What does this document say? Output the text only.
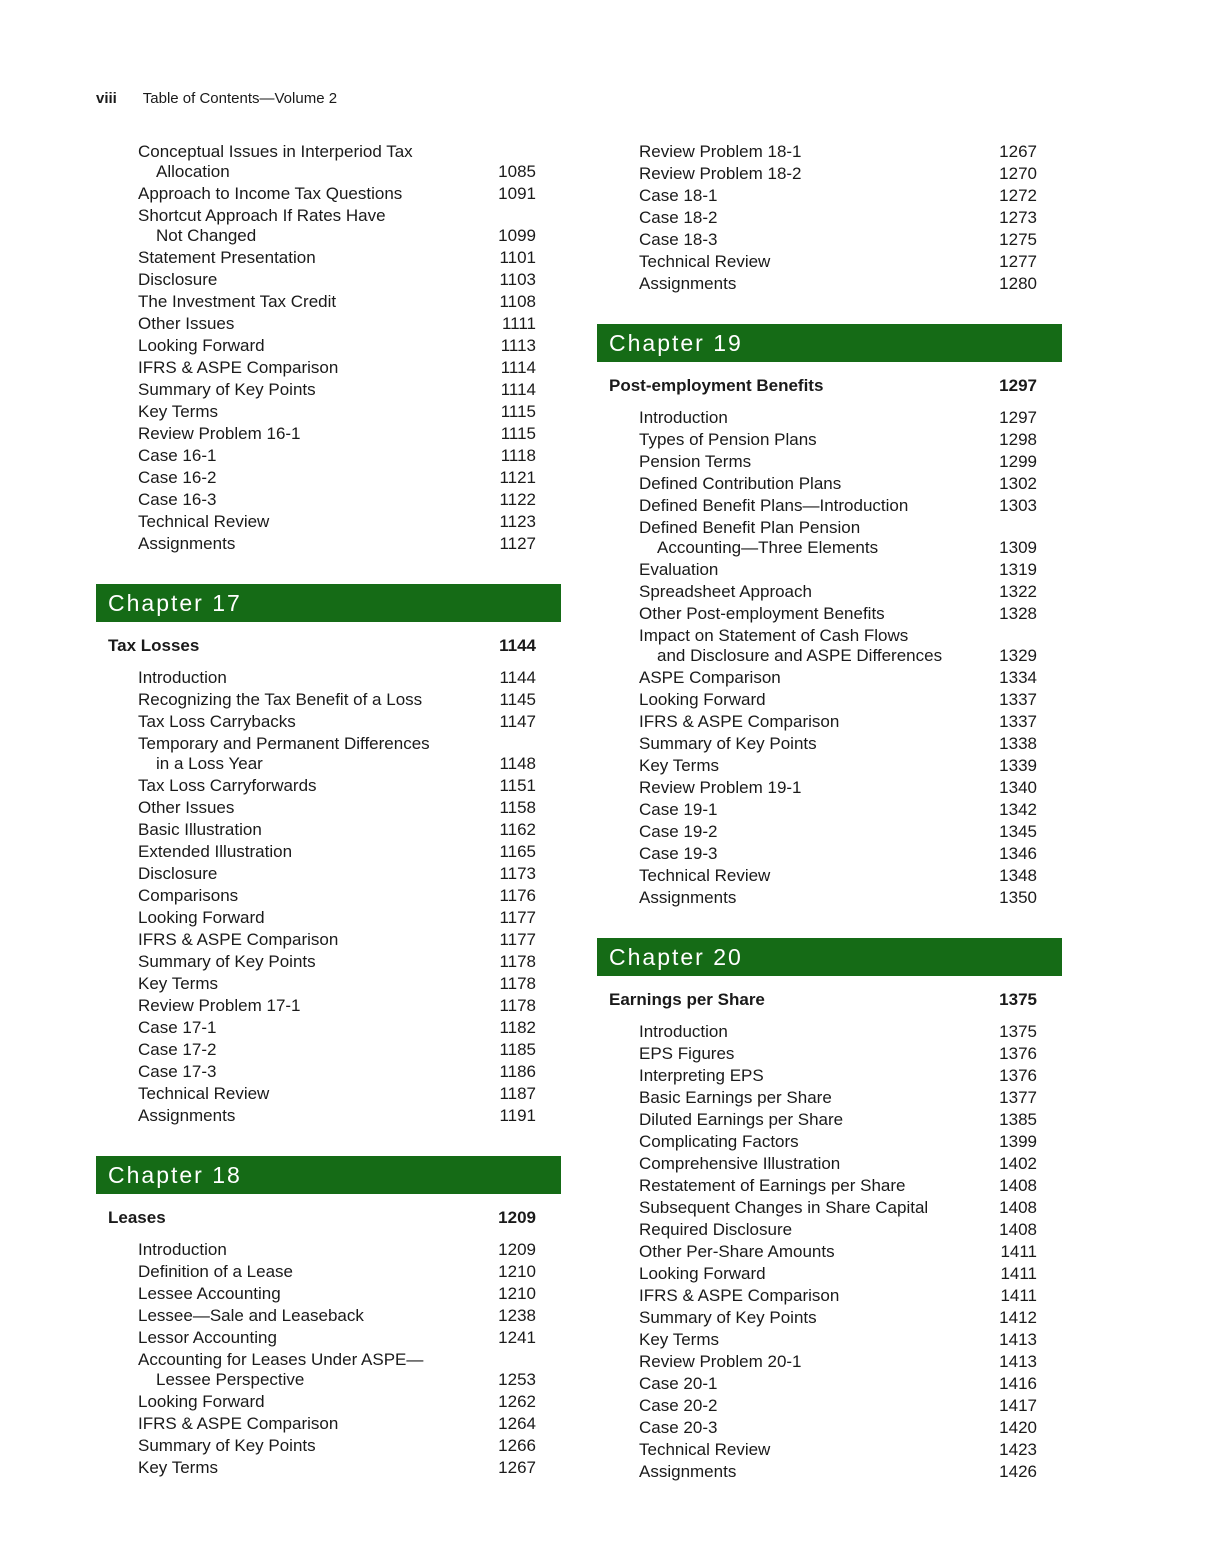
viii Table of Contents—Volume 2
Conceptual Issues in Interperiod Tax
Allocation	1085
Approach to Income Tax Questions	1091
Shortcut Approach If Rates Have
Not Changed	1099
Statement Presentation	1101
Disclosure	1103
The Investment Tax Credit	1108
Other Issues	1111
Looking Forward	1113
IFRS & ASPE Comparison	1114
Summary of Key Points	1114
Key Terms	1115
Review Problem 16-1	1115
Case 16-1	1118
Case 16-2	1121
Case 16-3	1122
Technical Review	1123
Assignments	1127
Chapter 17
Tax Losses	1144
Introduction	1144
Recognizing the Tax Benefit of a Loss	1145
Tax Loss Carrybacks	1147
Temporary and Permanent Differences
in a Loss Year	1148
Tax Loss Carryforwards	1151
Other Issues	1158
Basic Illustration	1162
Extended Illustration	1165
Disclosure	1173
Comparisons	1176
Looking Forward	1177
IFRS & ASPE Comparison	1177
Summary of Key Points	1178
Key Terms	1178
Review Problem 17-1	1178
Case 17-1	1182
Case 17-2	1185
Case 17-3	1186
Technical Review	1187
Assignments	1191
Chapter 18
Leases	1209
Introduction	1209
Definition of a Lease	1210
Lessee Accounting	1210
Lessee—Sale and Leaseback	1238
Lessor Accounting	1241
Accounting for Leases Under ASPE—
Lessee Perspective	1253
Looking Forward	1262
IFRS & ASPE Comparison	1264
Summary of Key Points	1266
Key Terms	1267
Review Problem 18-1	1267
Review Problem 18-2	1270
Case 18-1	1272
Case 18-2	1273
Case 18-3	1275
Technical Review	1277
Assignments	1280
Chapter 19
Post-employment Benefits	1297
Introduction	1297
Types of Pension Plans	1298
Pension Terms	1299
Defined Contribution Plans	1302
Defined Benefit Plans—Introduction	1303
Defined Benefit Plan Pension
Accounting—Three Elements	1309
Evaluation	1319
Spreadsheet Approach	1322
Other Post-employment Benefits	1328
Impact on Statement of Cash Flows
and Disclosure and ASPE Differences	1329
ASPE Comparison	1334
Looking Forward	1337
IFRS & ASPE Comparison	1337
Summary of Key Points	1338
Key Terms	1339
Review Problem 19-1	1340
Case 19-1	1342
Case 19-2	1345
Case 19-3	1346
Technical Review	1348
Assignments	1350
Chapter 20
Earnings per Share	1375
Introduction	1375
EPS Figures	1376
Interpreting EPS	1376
Basic Earnings per Share	1377
Diluted Earnings per Share	1385
Complicating Factors	1399
Comprehensive Illustration	1402
Restatement of Earnings per Share	1408
Subsequent Changes in Share Capital	1408
Required Disclosure	1408
Other Per-Share Amounts	1411
Looking Forward	1411
IFRS & ASPE Comparison	1411
Summary of Key Points	1412
Key Terms	1413
Review Problem 20-1	1413
Case 20-1	1416
Case 20-2	1417
Case 20-3	1420
Technical Review	1423
Assignments	1426
